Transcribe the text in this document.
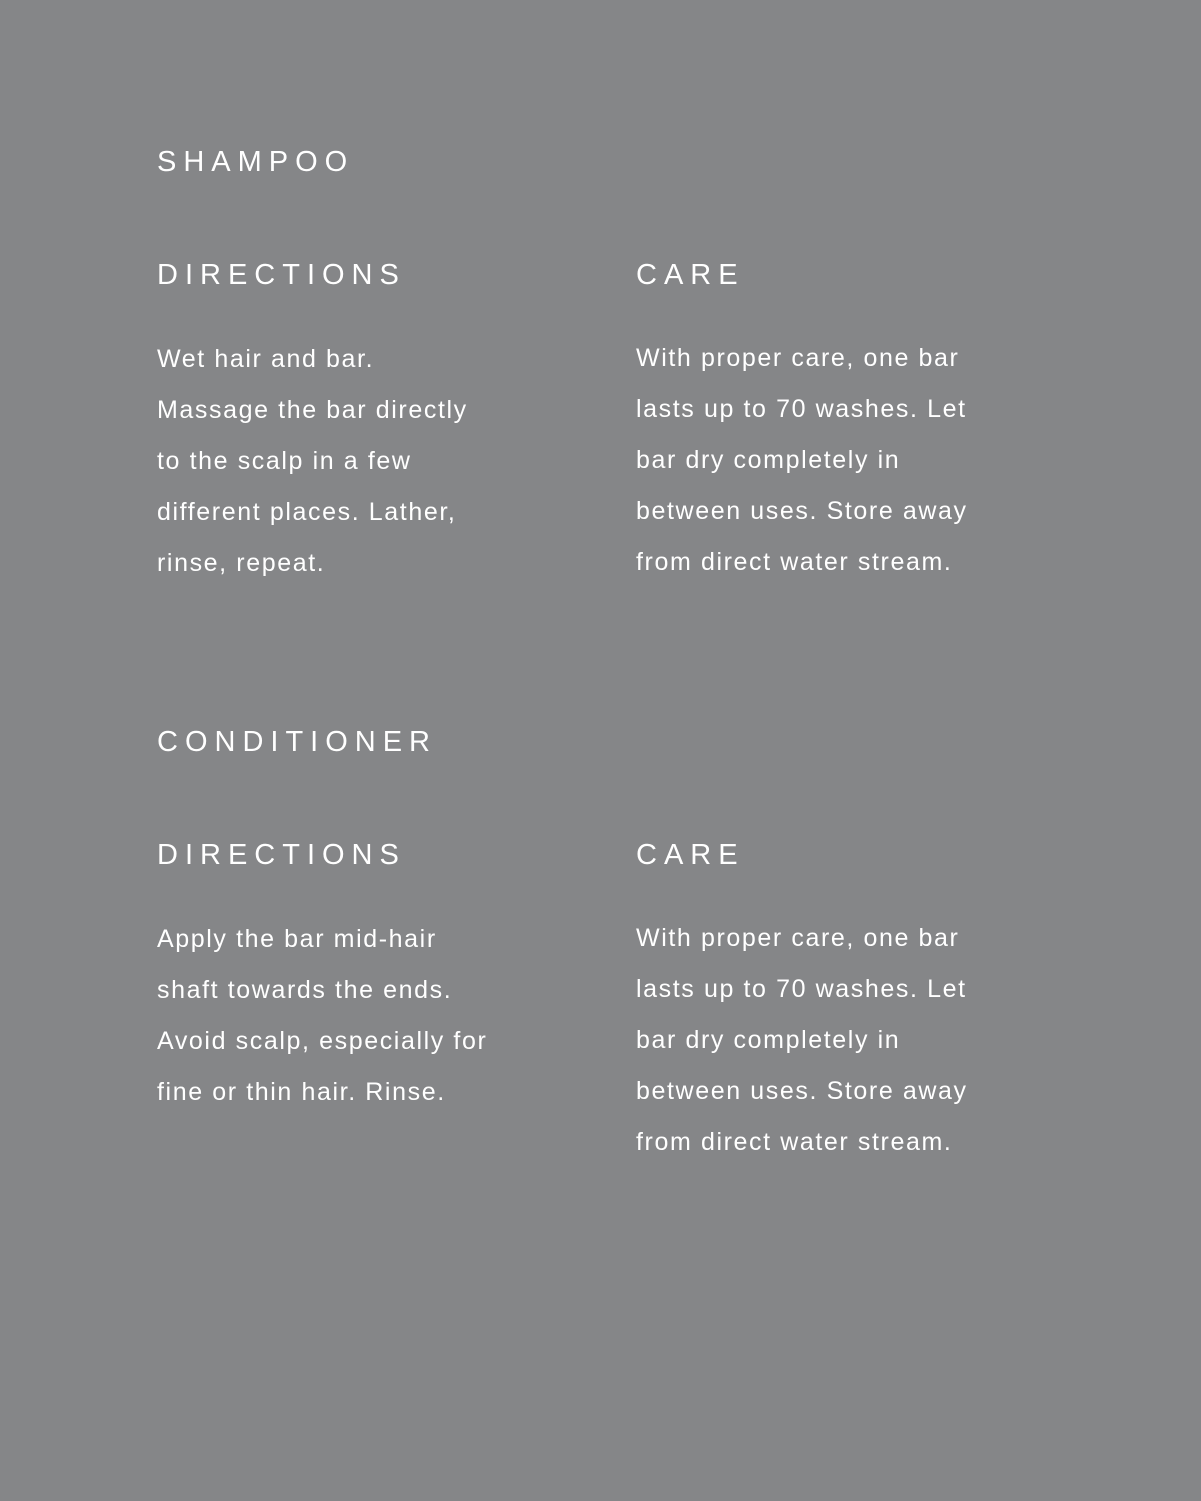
SHAMPOO
DIRECTIONS
Wet hair and bar.
Massage the bar directly
to the scalp in a few
different places. Lather,
rinse, repeat.
CARE
With proper care, one bar
lasts up to 70 washes. Let
bar dry completely in
between uses. Store away
from direct water stream.
CONDITIONER
DIRECTIONS
Apply the bar mid-hair
shaft towards the ends.
Avoid scalp, especially for
fine or thin hair. Rinse.
CARE
With proper care, one bar
lasts up to 70 washes. Let
bar dry completely in
between uses. Store away
from direct water stream.
